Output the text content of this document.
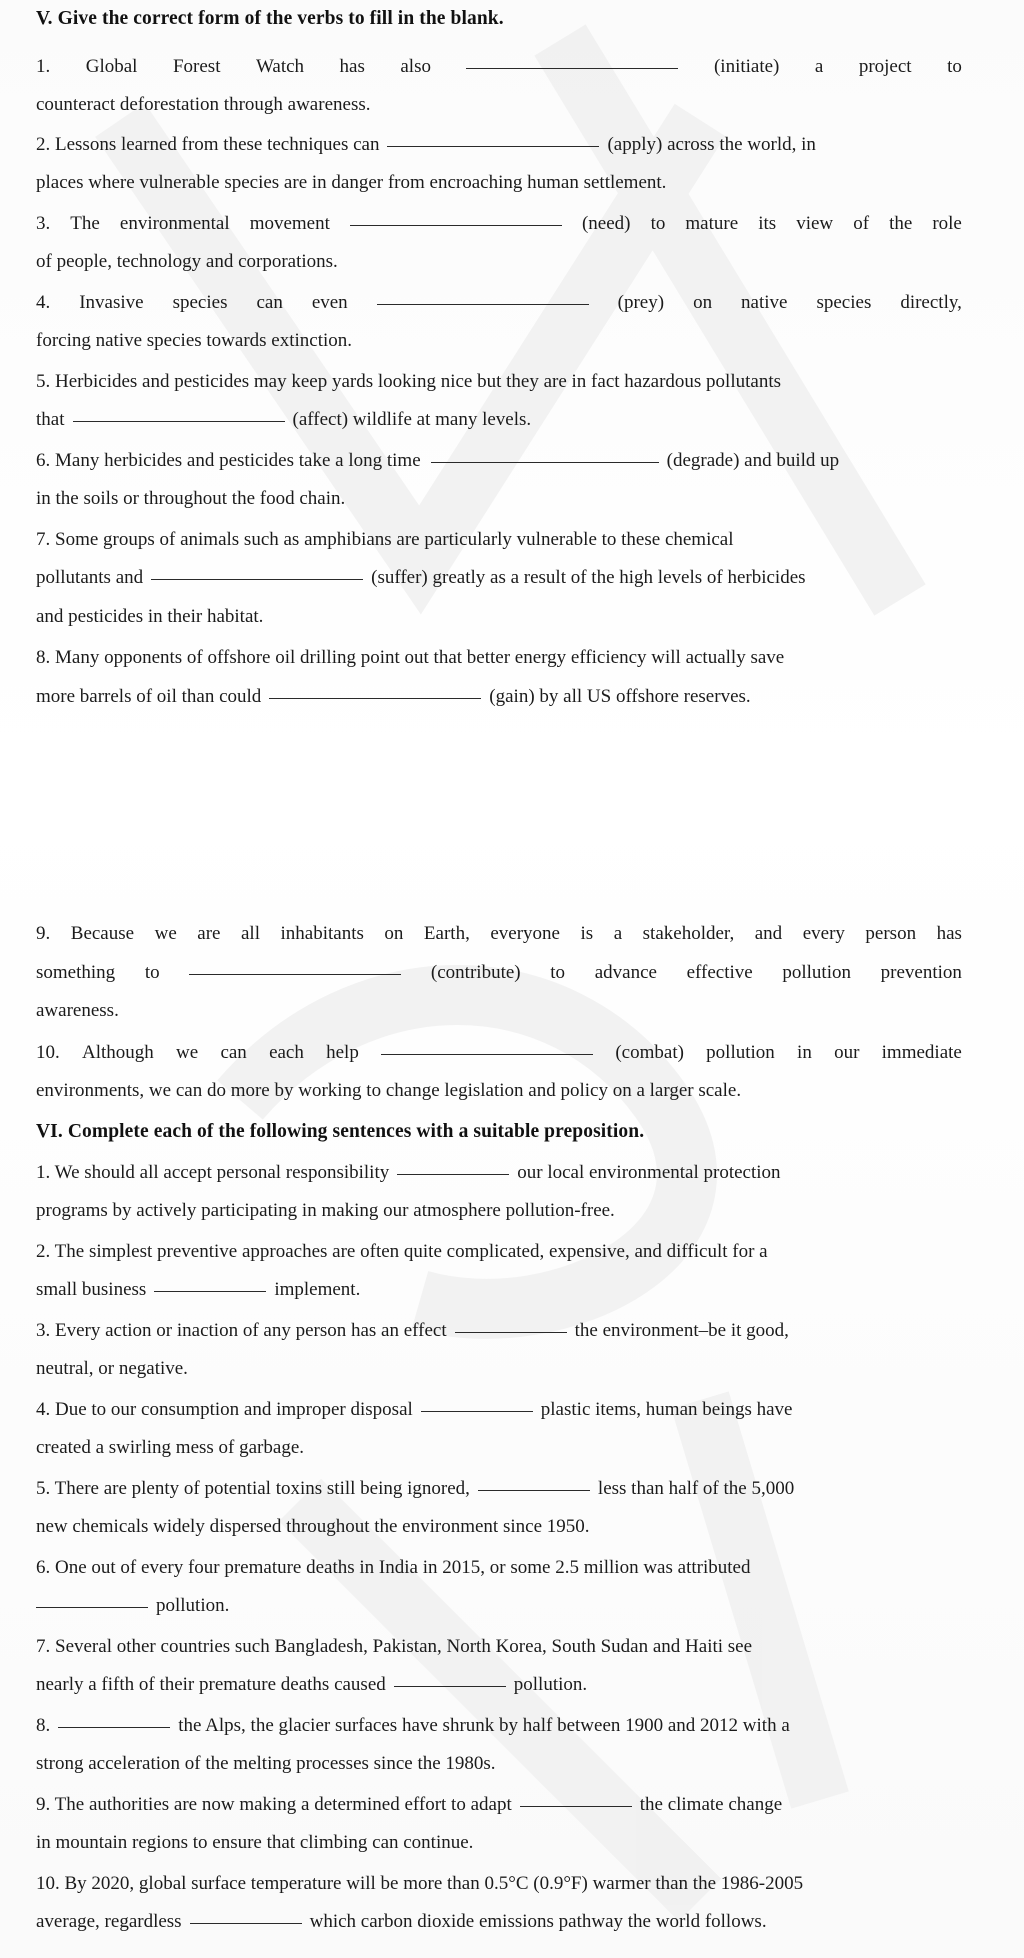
V. Give the correct form of the verbs to fill in the blank.
1. Global Forest Watch has also	(initiate) a project to
counteract deforestation through awareness.
2. Lessons learned from these techniques can	(apply) across the world, in
places where vulnerable species are in danger from encroaching human settlement.
3. The environmental movement	(need) to mature its view of the role
of people, technology and corporations.
4. Invasive species can even	(prey) on native species directly,
forcing native species towards extinction.
5. Herbicides and pesticides may keep yards looking nice but they are in fact hazardous pollutants
that	(affect) wildlife at many levels.
6. Many herbicides and pesticides take a long time	(degrade) and build up
in the soils or throughout the food chain.
7. Some groups of animals such as amphibians are particularly vulnerable to these chemical
pollutants and	(suffer) greatly as a result of the high levels of herbicides
and pesticides in their habitat.
8. Many opponents of offshore oil drilling point out that better energy efficiency will actually save
more barrels of oil than could	(gain) by all US offshore reserves.
9. Because we are all inhabitants on Earth, everyone is a stakeholder, and every person has
something to	(contribute) to advance effective pollution prevention
awareness.
10. Although we can each help	(combat) pollution in our immediate
environments, we can do more by working to change legislation and policy on a larger scale.
VI. Complete each of the following sentences with a suitable preposition.
1. We should all accept personal responsibility	our local environmental protection
programs by actively participating in making our atmosphere pollution-free.
2. The simplest preventive approaches are often quite complicated, expensive, and difficult for a
small business	implement.
3. Every action or inaction of any person has an effect	the environment–be it good,
neutral, or negative.
4. Due to our consumption and improper disposal	plastic items, human beings have
created a swirling mess of garbage.
5. There are plenty of potential toxins still being ignored,	less than half of the 5,000
new chemicals widely dispersed throughout the environment since 1950.
6. One out of every four premature deaths in India in 2015, or some 2.5 million was attributed
pollution.
7. Several other countries such Bangladesh, Pakistan, North Korea, South Sudan and Haiti see
nearly a fifth of their premature deaths caused	pollution.
8.	the Alps, the glacier surfaces have shrunk by half between 1900 and 2012 with a
strong acceleration of the melting processes since the 1980s.
9. The authorities are now making a determined effort to adapt	the climate change
in mountain regions to ensure that climbing can continue.
10. By 2020, global surface temperature will be more than 0.5°C (0.9°F) warmer than the 1986-2005
average, regardless	which carbon dioxide emissions pathway the world follows.
